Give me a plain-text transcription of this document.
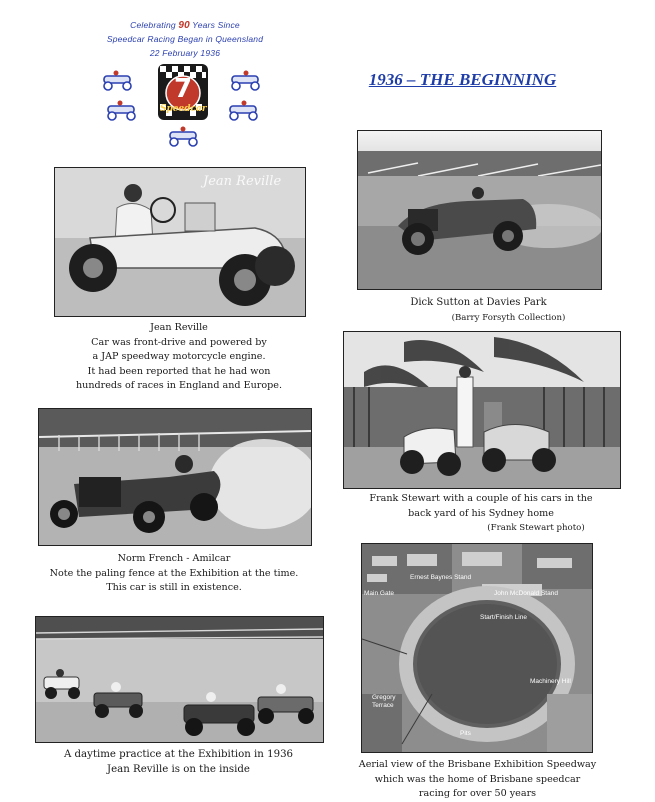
Celebrating 90 Years Since
Speedcar Racing Began in Queensland
22 February 1936
7
Speedcar
1936 – THE BEGINNING
Dick Sutton at Davies Park
(Barry Forsyth Collection)
Jean Reville
Jean Reville
Car was front-drive and powered by
a JAP speedway motorcycle engine.
It had been reported that he had won
hundreds of races in England and Europe.
Frank Stewart with a couple of his cars in the
back yard of his Sydney home
(Frank Stewart photo)
Norm French - Amilcar
Note the paling fence at the Exhibition at the time.
This car is still in existence.
Ernest Baynes Stand
Main Gate	John McDonald Stand
Start/Finish Line
Machinery Hill
Gregory Terrace
Pits
Aerial view of the Brisbane Exhibition Speedway
which was the home of Brisbane speedcar
racing for over 50 years
A daytime practice at the Exhibition in 1936
Jean Reville is on the inside
